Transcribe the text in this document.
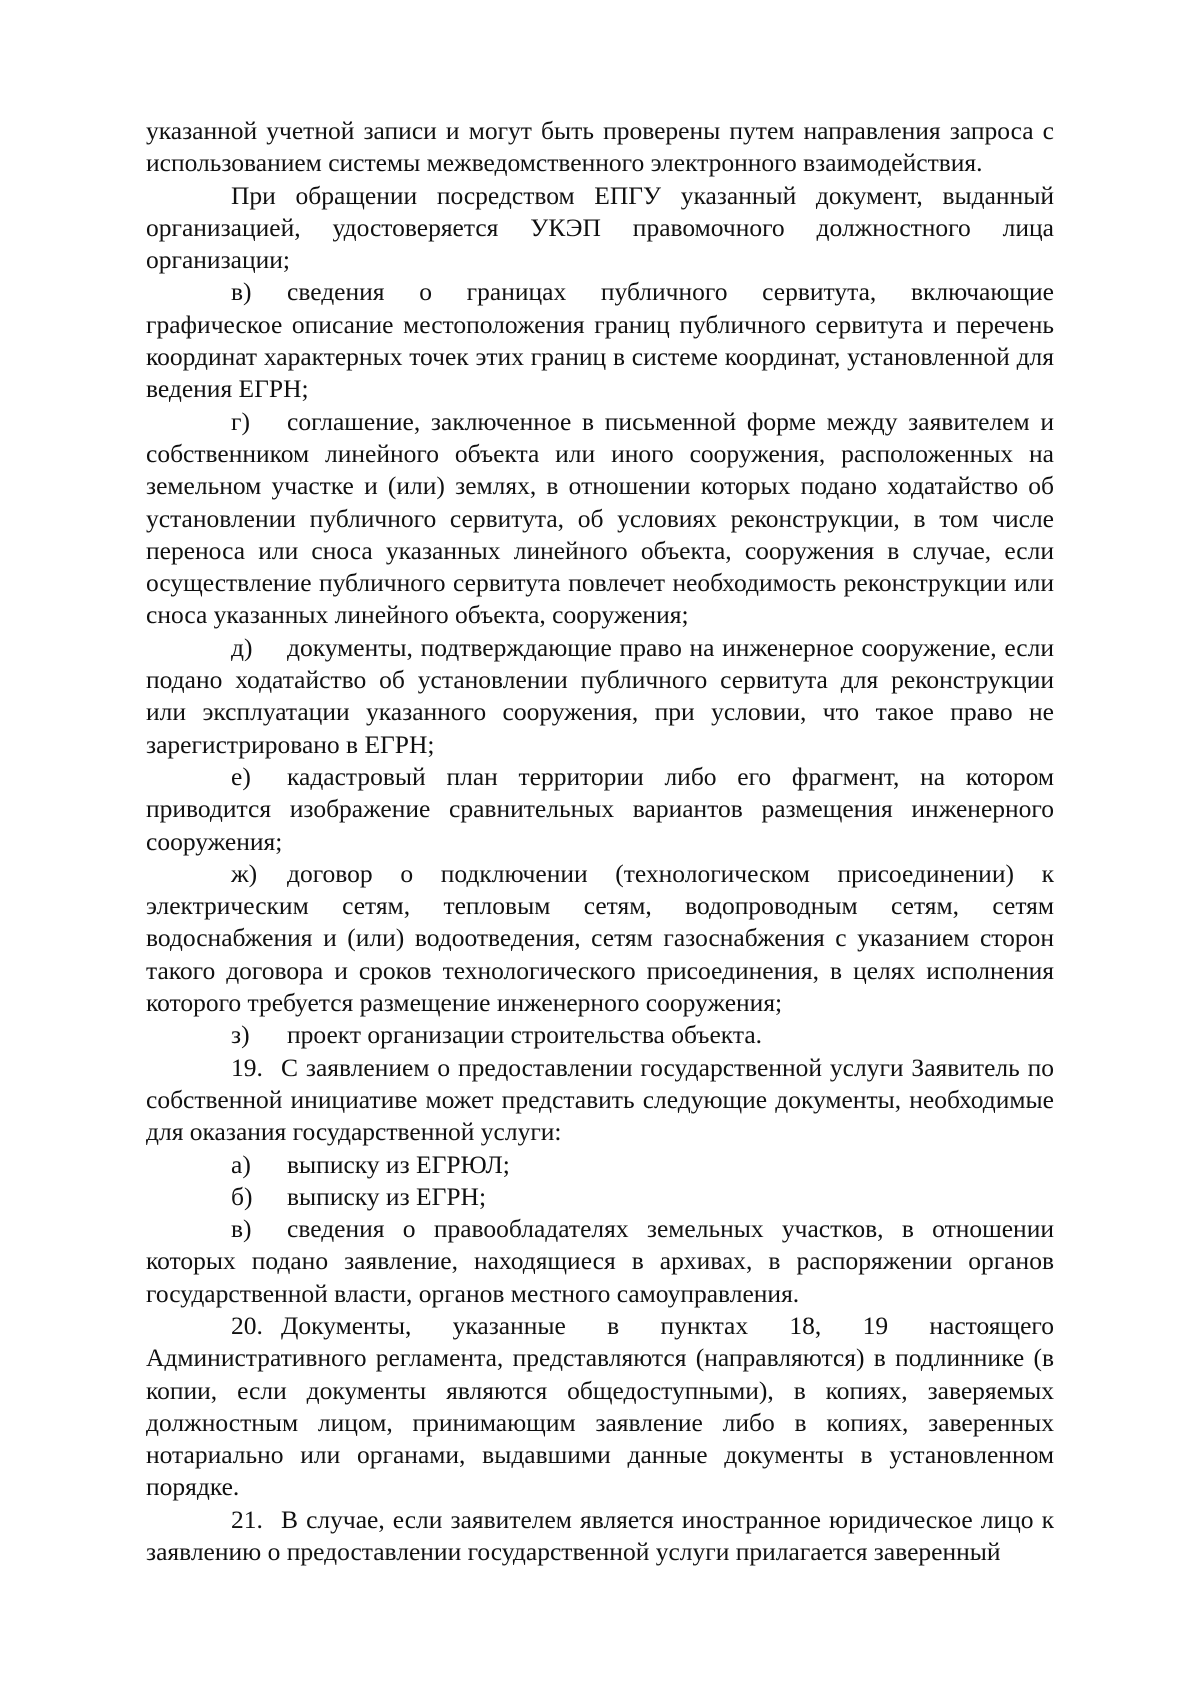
указанной учетной записи и могут быть проверены путем направления запроса с использованием системы межведомственного электронного взаимодействия.

При обращении посредством ЕПГУ указанный документ, выданный организацией, удостоверяется УКЭП правомочного должностного лица организации;

в) сведения о границах публичного сервитута, включающие графическое описание местоположения границ публичного сервитута и перечень координат характерных точек этих границ в системе координат, установленной для ведения ЕГРН;

г) соглашение, заключенное в письменной форме между заявителем и собственником линейного объекта или иного сооружения, расположенных на земельном участке и (или) землях, в отношении которых подано ходатайство об установлении публичного сервитута, об условиях реконструкции, в том числе переноса или сноса указанных линейного объекта, сооружения в случае, если осуществление публичного сервитута повлечет необходимость реконструкции или сноса указанных линейного объекта, сооружения;

д) документы, подтверждающие право на инженерное сооружение, если подано ходатайство об установлении публичного сервитута для реконструкции или эксплуатации указанного сооружения, при условии, что такое право не зарегистрировано в ЕГРН;

е) кадастровый план территории либо его фрагмент, на котором приводится изображение сравнительных вариантов размещения инженерного сооружения;

ж) договор о подключении (технологическом присоединении) к электрическим сетям, тепловым сетям, водопроводным сетям, сетям водоснабжения и (или) водоотведения, сетям газоснабжения с указанием сторон такого договора и сроков технологического присоединения, в целях исполнения которого требуется размещение инженерного сооружения;

з) проект организации строительства объекта.

19. С заявлением о предоставлении государственной услуги Заявитель по собственной инициативе может представить следующие документы, необходимые для оказания государственной услуги:

а) выписку из ЕГРЮЛ;

б) выписку из ЕГРН;

в) сведения о правообладателях земельных участков, в отношении которых подано заявление, находящиеся в архивах, в распоряжении органов государственной власти, органов местного самоуправления.

20. Документы, указанные в пунктах 18, 19 настоящего Административного регламента, представляются (направляются) в подлиннике (в копии, если документы являются общедоступными), в копиях, заверяемых должностным лицом, принимающим заявление либо в копиях, заверенных нотариально или органами, выдавшими данные документы в установленном порядке.

21. В случае, если заявителем является иностранное юридическое лицо к заявлению о предоставлении государственной услуги прилагается заверенный
